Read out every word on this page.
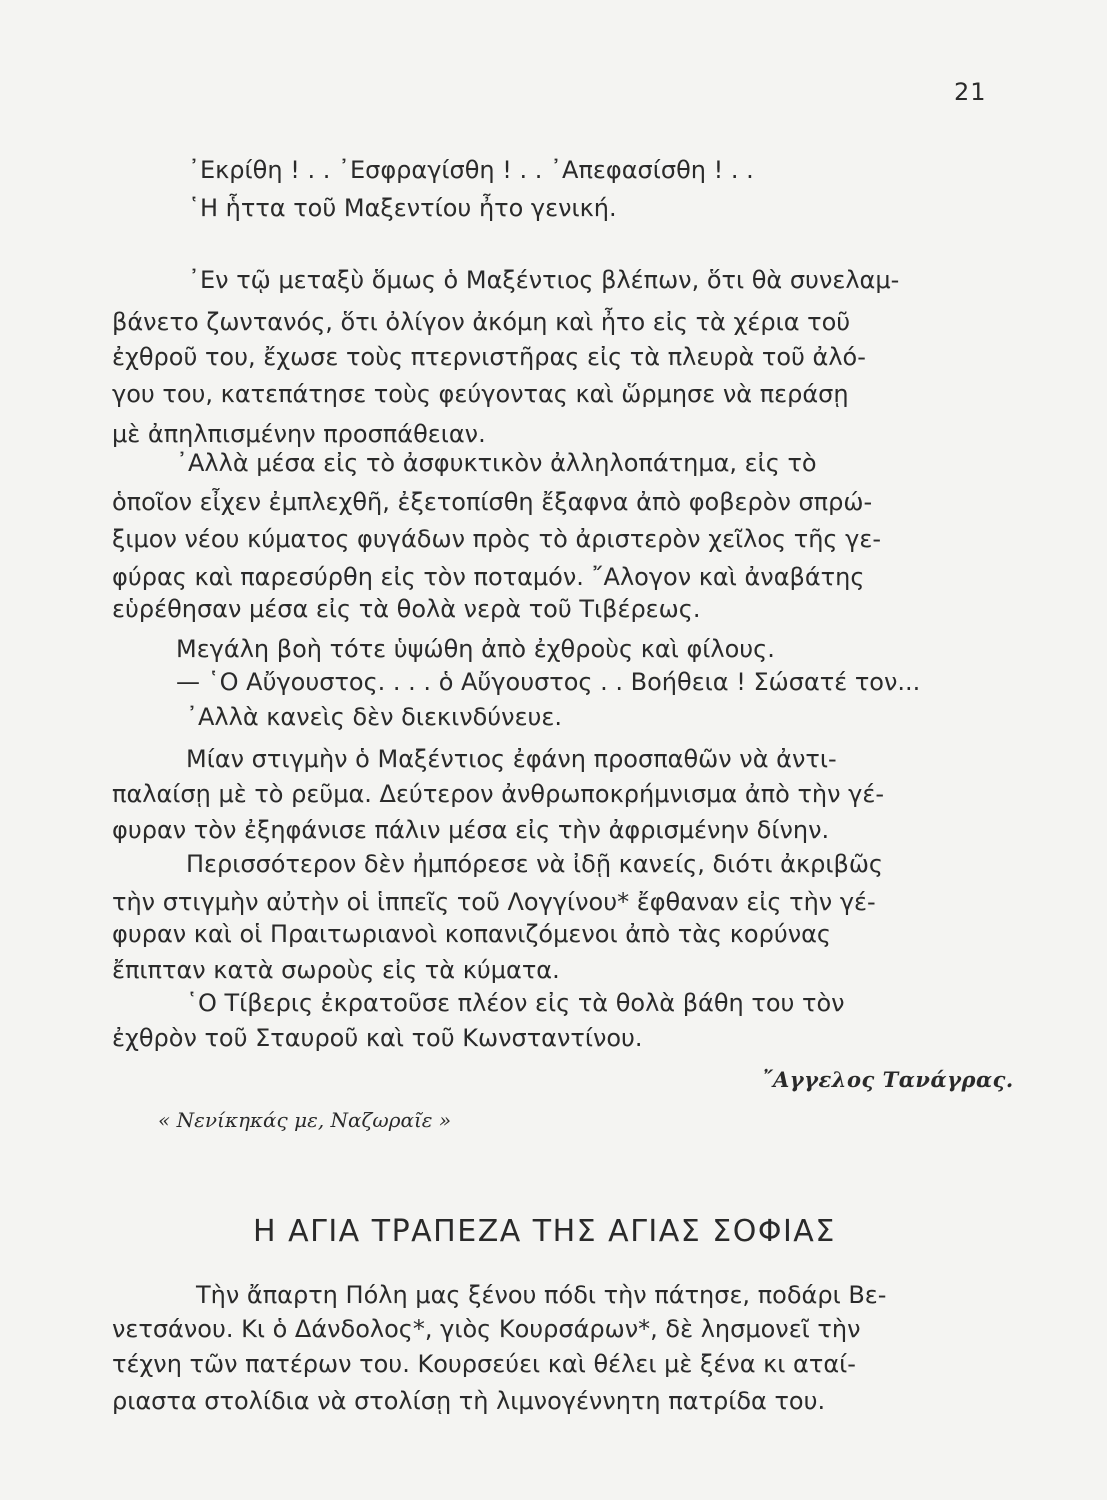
21
᾿Εκρίθη ! . . ᾿Εσφραγίσθη ! . . ᾿Απεφασίσθη ! . .
῾Η ἧττα τοῦ Μαξεντίου ἦτο γενική.
᾿Εν τῷ μεταξὺ ὅμως ὁ Μαξέντιος βλέπων, ὅτι θὰ συνελαμ-
βάνετο ζωντανός, ὅτι ὀλίγον ἀκόμη καὶ ἦτο εἰς τὰ χέρια τοῦ
ἐχθροῦ του, ἔχωσε τοὺς πτερνιστῆρας εἰς τὰ πλευρὰ τοῦ ἀλό-
γου του, κατεπάτησε τοὺς φεύγοντας καὶ ὥρμησε νὰ περάσῃ
μὲ ἀπηλπισμένην προσπάθειαν.
᾿Αλλὰ μέσα εἰς τὸ ἀσφυκτικὸν ἀλληλοπάτημα, εἰς τὸ
ὁποῖον εἶχεν ἐμπλεχθῆ, ἐξετοπίσθη ἔξαφνα ἀπὸ φοβερὸν σπρώ-
ξιμον νέου κύματος φυγάδων πρὸς τὸ ἀριστερὸν χεῖλος τῆς γε-
φύρας καὶ παρεσύρθη εἰς τὸν ποταμόν. ῎Αλογον καὶ ἀναβάτης
εὑρέθησαν μέσα εἰς τὰ θολὰ νερὰ τοῦ Τιβέρεως.
Μεγάλη βοὴ τότε ὑψώθη ἀπὸ ἐχθροὺς καὶ φίλους.
— ῾Ο Αὔγουστος. . . . ὁ Αὔγουστος . . Βοήθεια ! Σώσατέ τον...
᾿Αλλὰ κανεὶς δὲν διεκινδύνευε.
Μίαν στιγμὴν ὁ Μαξέντιος ἐφάνη προσπαθῶν νὰ ἀντι-
παλαίσῃ μὲ τὸ ρεῦμα. Δεύτερον ἀνθρωποκρήμνισμα ἀπὸ τὴν γέ-
φυραν τὸν ἐξηφάνισε πάλιν μέσα εἰς τὴν ἀφρισμένην δίνην.
Περισσότερον δὲν ἠμπόρεσε νὰ ἰδῇ κανείς, διότι ἀκριβῶς
τὴν στιγμὴν αὐτὴν οἱ ἱππεῖς τοῦ Λογγίνου* ἔφθαναν εἰς τὴν γέ-
φυραν καὶ οἱ Πραιτωριανοὶ κοπανιζόμενοι ἀπὸ τὰς κορύνας
ἔπιπταν κατὰ σωροὺς εἰς τὰ κύματα.
῾Ο Τίβερις ἐκρατοῦσε πλέον εἰς τὰ θολὰ βάθη του τὸν
ἐχθρὸν τοῦ Σταυροῦ καὶ τοῦ Κωνσταντίνου.
῎Αγγελος Τανάγρας.
« Νενίκηκάς με, Ναζωραῖε »
Η ΑΓΙΑ ΤΡΑΠΕΖΑ ΤΗΣ ΑΓΙΑΣ ΣΟΦΙΑΣ
Τὴν ἄπαρτη Πόλη μας ξένου πόδι τὴν πάτησε, ποδάρι Βε-
νετσάνου. Κι ὁ Δάνδολος*, γιὸς Κουρσάρων*, δὲ λησμονεῖ τὴν
τέχνη τῶν πατέρων του. Κουρσεύει καὶ θέλει μὲ ξένα κι αταί-
ριαστα στολίδια νὰ στολίσῃ τὴ λιμνογέννητη πατρίδα του.
